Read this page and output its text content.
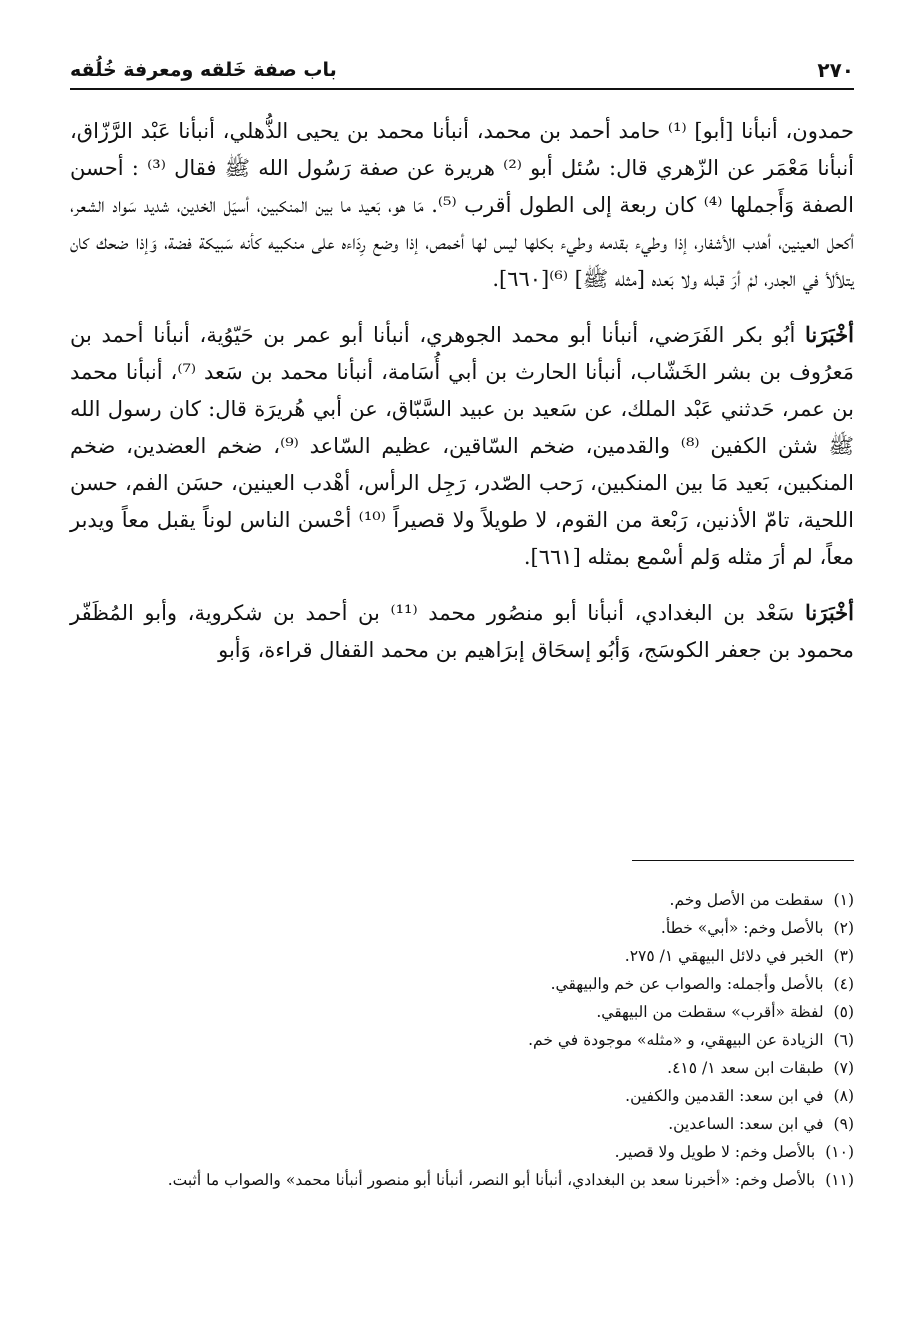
٢٧٠
باب صفة خَلقه ومعرفة خُلُقه

حمدون، أنبأنا [أبو] ⁽¹⁾ حامد أحمد بن محمد، أنبأنا محمد بن يحيى الذُّهلي، أنبأنا عَبْد الرَّزّاق، أنبأنا مَعْمَر عن الزّهري قال: سُئل أبو ⁽²⁾ هريرة عن صفة رَسُول الله ﷺ فقال ⁽³⁾ : أحسن الصفة وَأَجملها ⁽⁴⁾ كان ربعة إلى الطول أقرب ⁽⁵⁾. مَا هو، بَعيد ما بين المنكبين، أسيَل الخدين، شديد سَواد الشعر، أكحل العينين، أهدب الأشفار، إذا وطيء بقدمه وطيء بكلها ليس لها أخمص، إذا وضع رِدَاءه على منكبيه كأنه سَبيكة فضة، وَإذا ضحك كان يتلألأ في الجدر، لمْ أرَ قبله ولا بَعده [مثله ﷺ] ⁽⁶⁾[٦٦٠].

أخْبَرَنا أبُو بكر الفَرَضي، أنبأنا أبو محمد الجوهري، أنبأنا أبو عمر بن حَيّوُية، أنبأنا أحمد بن مَعرُوف بن بشر الخَشّاب، أنبأنا الحارث بن أبي أُسَامة، أنبأنا محمد بن سَعد ⁽⁷⁾، أنبأنا محمد بن عمر، حَدثني عَبْد الملك، عن سَعيد بن عبيد السَّبّاق، عن أبي هُريرَة قال: كان رسول الله ﷺ شثن الكفين ⁽⁸⁾ والقدمين، ضخم السّاقين، عظيم السّاعد ⁽⁹⁾، ضخم العضدين، ضخم المنكبين، بَعيد مَا بين المنكبين، رَحب الصّدر، رَجِل الرأس، أهْدب العينين، حسَن الفم، حسن اللحية، تامّ الأذنين، رَبْعة من القوم، لا طويلاً ولا قصيراً ⁽¹⁰⁾ أحْسن الناس لوناً يقبل معاً ويدبر معاً، لم أرَ مثله وَلم أسْمع بمثله [٦٦١].

أخْبَرَنا سَعْد بن البغدادي، أنبأنا أبو منصُور محمد ⁽¹¹⁾ بن أحمد بن شكروية، وأبو المُظَفّر محمود بن جعفر الكوسَج، وَأبُو إسحَاق إبرَاهيم بن محمد القفال قراءة، وَأبو

(١)
سقطت من الأصل وخم.
(٢)
بالأصل وخم: «أبي» خطأ.
(٣)
الخبر في دلائل البيهقي ١/ ٢٧٥.
(٤)
بالأصل وأجمله: والصواب عن خم والبيهقي.
(٥)
لفظة «أقرب» سقطت من البيهقي.
(٦)
الزيادة عن البيهقي، و «مثله» موجودة في خم.
(٧)
طبقات ابن سعد ١/ ٤١٥.
(٨)
في ابن سعد: القدمين والكفين.
(٩)
في ابن سعد: الساعدين.
(١٠)
بالأصل وخم: لا طويل ولا قصير.
(١١)
بالأصل وخم: «أخبرنا سعد بن البغدادي، أنبأنا أبو النصر، أنبأنا أبو منصور أنبأنا محمد» والصواب ما أثبت.
